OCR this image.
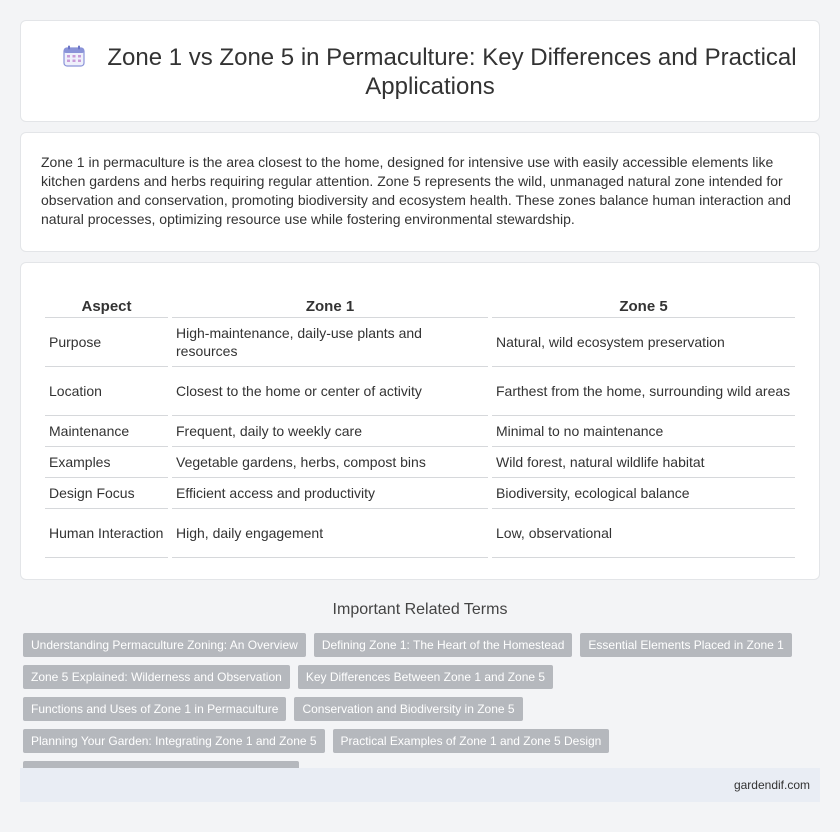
Zone 1 vs Zone 5 in Permaculture: Key Differences and Practical Applications

Zone 1 in permaculture is the area closest to the home, designed for intensive use with easily accessible elements like kitchen gardens and herbs requiring regular attention. Zone 5 represents the wild, unmanaged natural zone intended for observation and conservation, promoting biodiversity and ecosystem health. These zones balance human interaction and natural processes, optimizing resource use while fostering environmental stewardship.

Aspect	Zone 1	Zone 5
Purpose	High-maintenance, daily-use plants and resources	Natural, wild ecosystem preservation
Location	Closest to the home or center of activity	Farthest from the home, surrounding wild areas
Maintenance	Frequent, daily to weekly care	Minimal to no maintenance
Examples	Vegetable gardens, herbs, compost bins	Wild forest, natural wildlife habitat
Design Focus	Efficient access and productivity	Biodiversity, ecological balance
Human Interaction	High, daily engagement	Low, observational
Important Related Terms
Understanding Permaculture Zoning: An Overview	Defining Zone 1: The Heart of the Homestead	Essential Elements Placed in Zone 1
Zone 5 Explained: Wilderness and Observation	Key Differences Between Zone 1 and Zone 5
Functions and Uses of Zone 1 in Permaculture	Conservation and Biodiversity in Zone 5
Planning Your Garden: Integrating Zone 1 and Zone 5	Practical Examples of Zone 1 and Zone 5 Design
gardendif.com
